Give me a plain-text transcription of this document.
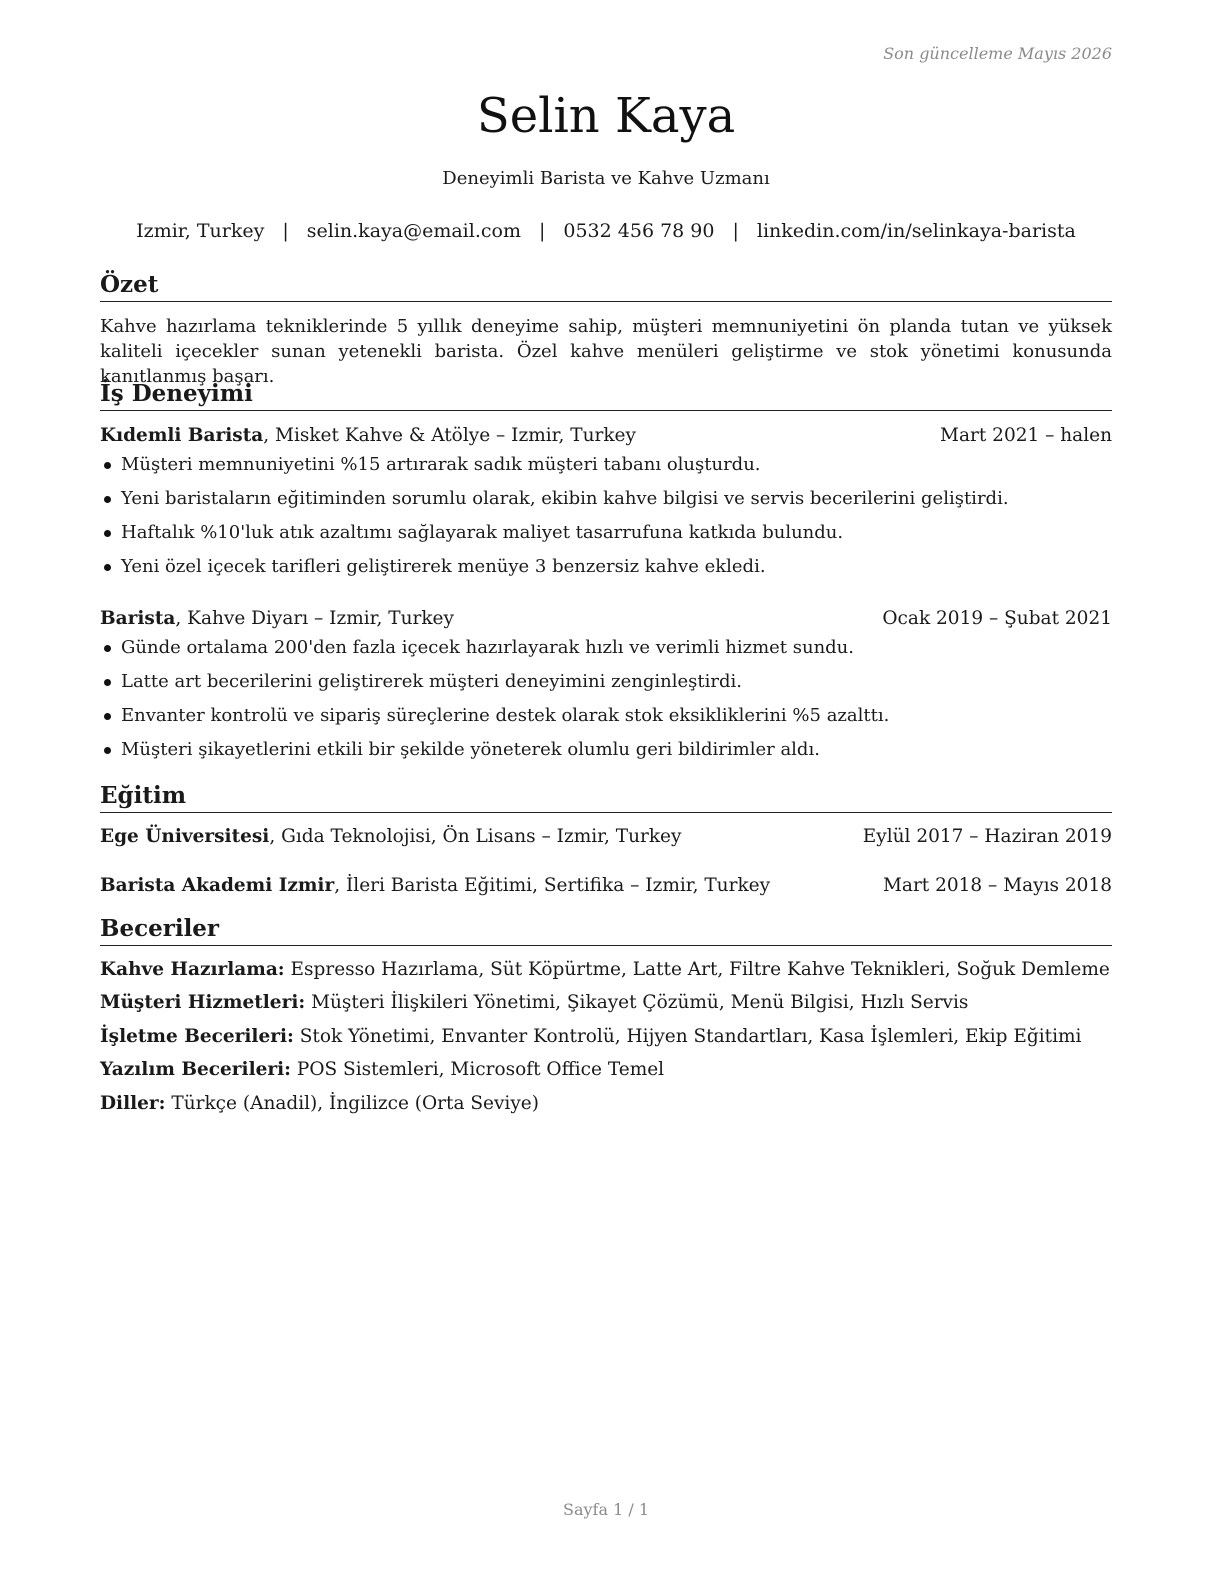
Son güncelleme Mayıs 2026
Selin Kaya
Deneyimli Barista ve Kahve Uzmanı
Izmir, Turkey | selin.kaya@email.com | 0532 456 78 90 | linkedin.com/in/selinkaya-barista
Özet
Kahve hazırlama tekniklerinde 5 yıllık deneyime sahip, müşteri memnuniyetini ön planda tutan ve yüksek kaliteli içecekler sunan yetenekli barista. Özel kahve menüleri geliştirme ve stok yönetimi konusunda kanıtlanmış başarı.
İş Deneyimi
Kıdemli Barista, Misket Kahve & Atölye – Izmir, Turkey	Mart 2021 – halen
Müşteri memnuniyetini %15 artırarak sadık müşteri tabanı oluşturdu.
Yeni baristaların eğitiminden sorumlu olarak, ekibin kahve bilgisi ve servis becerilerini geliştirdi.
Haftalık %10'luk atık azaltımı sağlayarak maliyet tasarrufuna katkıda bulundu.
Yeni özel içecek tarifleri geliştirerek menüye 3 benzersiz kahve ekledi.
Barista, Kahve Diyarı – Izmir, Turkey	Ocak 2019 – Şubat 2021
Günde ortalama 200'den fazla içecek hazırlayarak hızlı ve verimli hizmet sundu.
Latte art becerilerini geliştirerek müşteri deneyimini zenginleştirdi.
Envanter kontrolü ve sipariş süreçlerine destek olarak stok eksikliklerini %5 azalttı.
Müşteri şikayetlerini etkili bir şekilde yöneterek olumlu geri bildirimler aldı.
Eğitim
Ege Üniversitesi, Gıda Teknolojisi, Ön Lisans – Izmir, Turkey	Eylül 2017 – Haziran 2019
Barista Akademi Izmir, İleri Barista Eğitimi, Sertifika – Izmir, Turkey	Mart 2018 – Mayıs 2018
Beceriler
Kahve Hazırlama: Espresso Hazırlama, Süt Köpürtme, Latte Art, Filtre Kahve Teknikleri, Soğuk Demleme
Müşteri Hizmetleri: Müşteri İlişkileri Yönetimi, Şikayet Çözümü, Menü Bilgisi, Hızlı Servis
İşletme Becerileri: Stok Yönetimi, Envanter Kontrolü, Hijyen Standartları, Kasa İşlemleri, Ekip Eğitimi
Yazılım Becerileri: POS Sistemleri, Microsoft Office Temel
Diller: Türkçe (Anadil), İngilizce (Orta Seviye)
Sayfa 1 / 1
